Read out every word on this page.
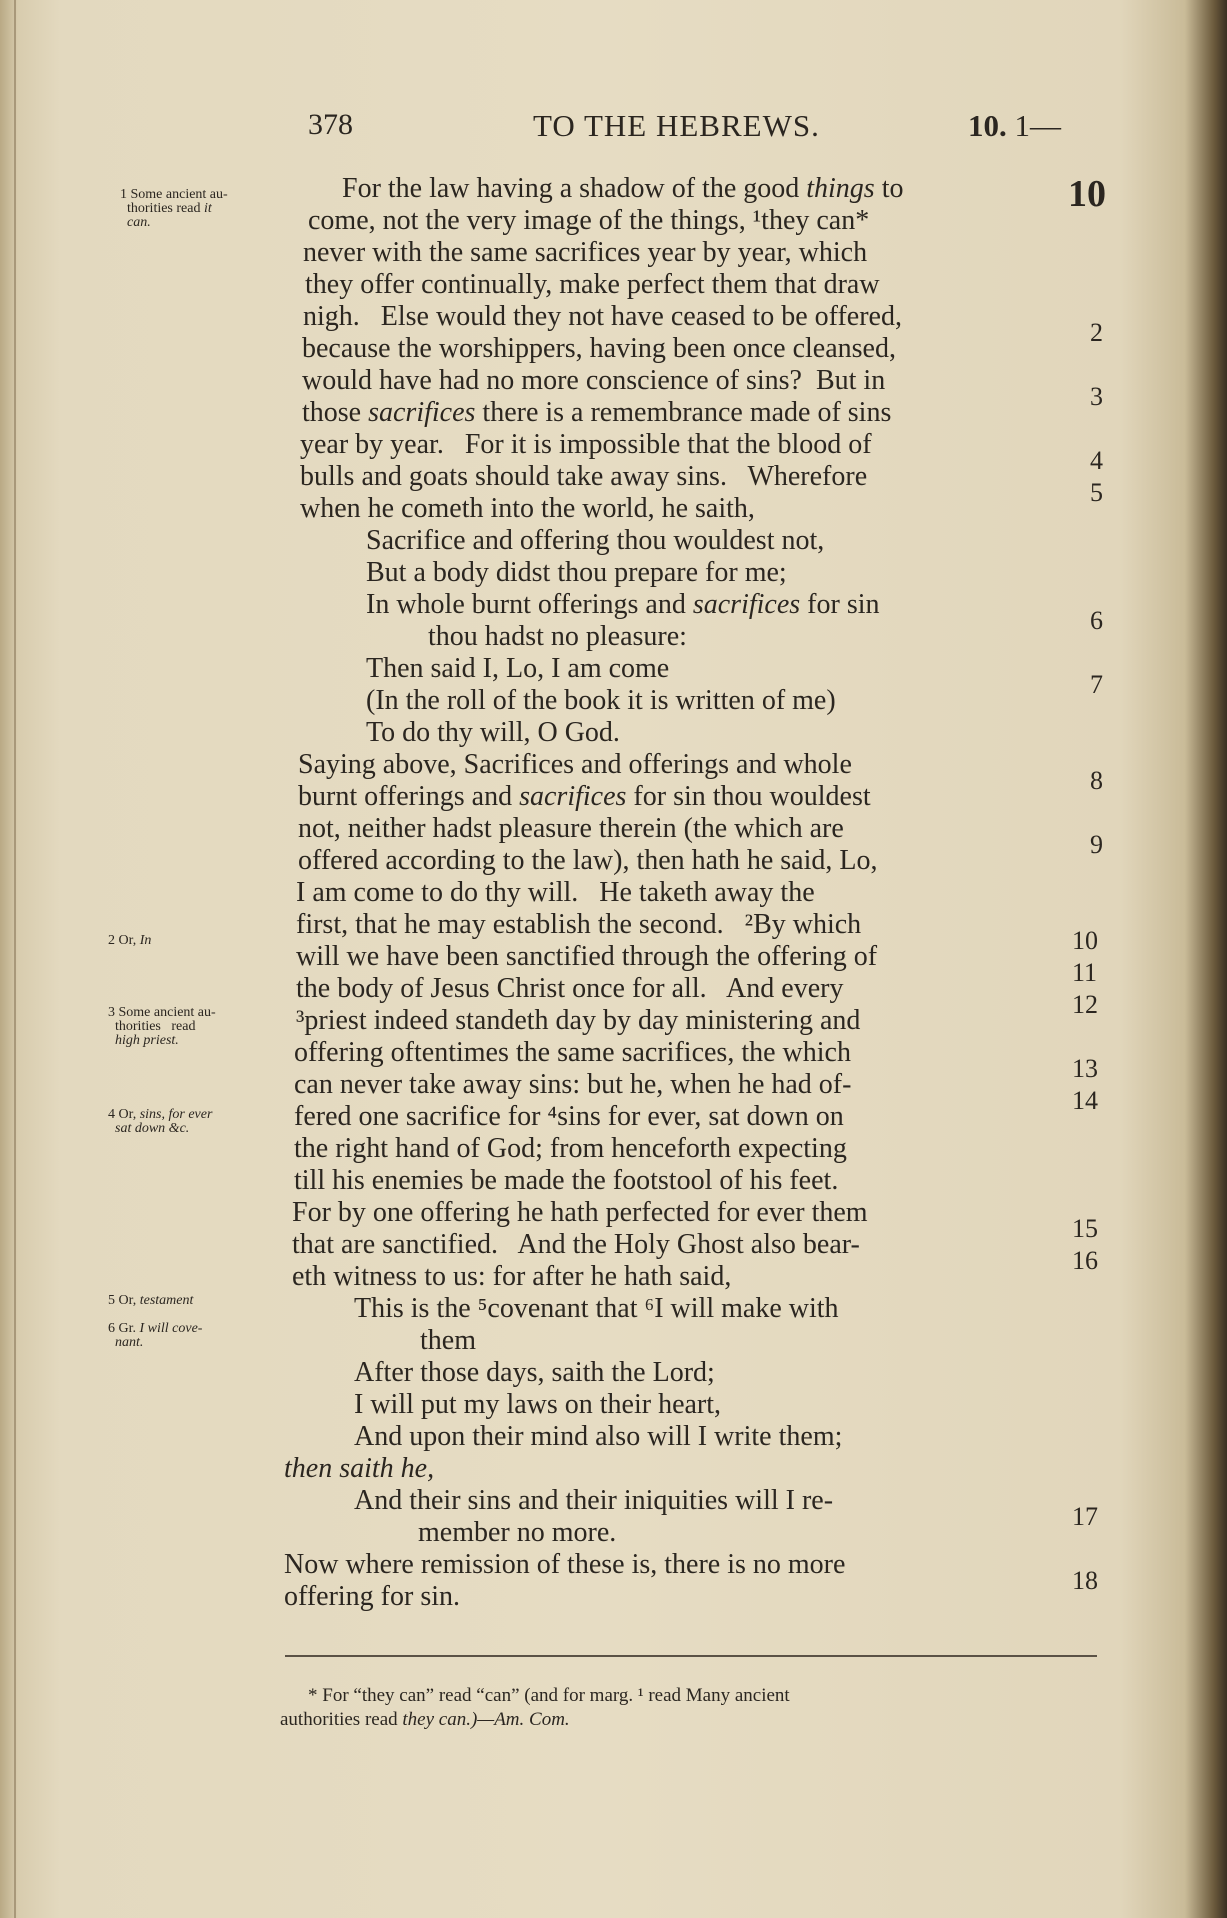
378	TO THE HEBREWS.	10. 1—
10
For the law having a shadow of the good things to
come, not the very image of the things, ¹they can*
never with the same sacrifices year by year, which
they offer continually, make perfect them that draw
nigh.   Else would they not have ceased to be offered,
because the worshippers, having been once cleansed,
would have had no more conscience of sins?  But in
those sacrifices there is a remembrance made of sins
year by year.   For it is impossible that the blood of
bulls and goats should take away sins.   Wherefore
when he cometh into the world, he saith,
Sacrifice and offering thou wouldest not,
But a body didst thou prepare for me;
In whole burnt offerings and sacrifices for sin
thou hadst no pleasure:
Then said I, Lo, I am come
(In the roll of the book it is written of me)
To do thy will, O God.
Saying above, Sacrifices and offerings and whole
burnt offerings and sacrifices for sin thou wouldest
not, neither hadst pleasure therein (the which are
offered according to the law), then hath he said, Lo,
I am come to do thy will.   He taketh away the
first, that he may establish the second.   ²By which
will we have been sanctified through the offering of
the body of Jesus Christ once for all.   And every
³priest indeed standeth day by day ministering and
offering oftentimes the same sacrifices, the which
can never take away sins: but he, when he had of-
fered one sacrifice for ⁴sins for ever, sat down on
the right hand of God; from henceforth expecting
till his enemies be made the footstool of his feet.
For by one offering he hath perfected for ever them
that are sanctified.   And the Holy Ghost also bear-
eth witness to us: for after he hath said,
This is the ⁵covenant that ⁶I will make with
them
After those days, saith the Lord;
I will put my laws on their heart,
And upon their mind also will I write them;
then saith he,
And their sins and their iniquities will I re-
member no more.
Now where remission of these is, there is no more
offering for sin.
2
3
4
5
6
7
8
9
10
11
12
13
14
15
16
17
18
1 Some ancient au-
thorities read it
can.
2 Or, In
3 Some ancient au-
thorities   read
high priest.
4 Or, sins, for ever
sat down &c.
5 Or, testament
6 Gr. I will cove-
nant.
* For “they can” read “can” (and for marg. ¹ read Many ancient
authorities read they can.)—Am. Com.
